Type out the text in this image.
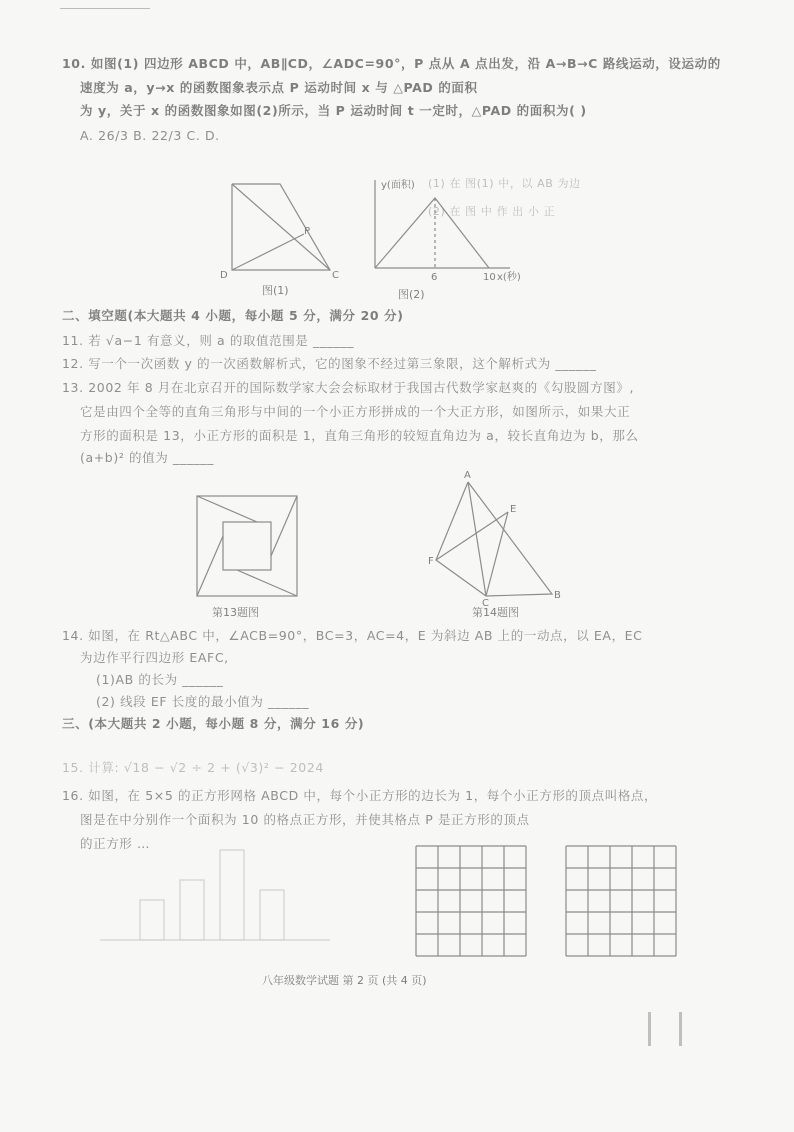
10. 如图(1) 四边形 ABCD 中，AB∥CD，∠ADC=90°，P 点从 A 点出发，沿 A→B→C 路线运动，设运动的
速度为 a，y→x 的函数图象表示点 P 运动时间 x 与 △PAD 的面积
为 y，关于 x 的函数图象如图(2)所示，当 P 运动时间 t 一定时，△PAD 的面积为( )
A. 26/3 B. 22/3 C. D.
(1) 在 图(1) 中，以 AB 为边
(2) 在 图 中 作 出 小 正
D	C
P
图(1)
y(面积)
6	10 x(秒)
图(2)
二、填空题(本大题共 4 小题，每小题 5 分，满分 20 分)
11. 若 √a−1 有意义，则 a 的取值范围是 ______
12. 写一个一次函数 y 的一次函数解析式，它的图象不经过第三象限，这个解析式为 ______
13. 2002 年 8 月在北京召开的国际数学家大会会标取材于我国古代数学家赵爽的《勾股圆方图》,
它是由四个全等的直角三角形与中间的一个小正方形拼成的一个大正方形，如图所示，如果大正
方形的面积是 13，小正方形的面积是 1，直角三角形的较短直角边为 a，较长直角边为 b，那么
(a+b)² 的值为 ______
第13题图
A
E
F
B
C
第14题图
14. 如图，在 Rt△ABC 中，∠ACB=90°，BC=3，AC=4，E 为斜边 AB 上的一动点，以 EA，EC
为边作平行四边形 EAFC,
(1)AB 的长为 ______
(2) 线段 EF 长度的最小值为 ______
三、(本大题共 2 小题，每小题 8 分，满分 16 分)
15. 计算: √18 − √2 ÷ 2 + (√3)² − 2024
16. 如图，在 5×5 的正方形网格 ABCD 中，每个小正方形的边长为 1，每个小正方形的顶点叫格点，
图是在中分别作一个面积为 10 的格点正方形，并使其格点 P 是正方形的顶点
的正方形 …
八年级数学试题 第 2 页 (共 4 页)
